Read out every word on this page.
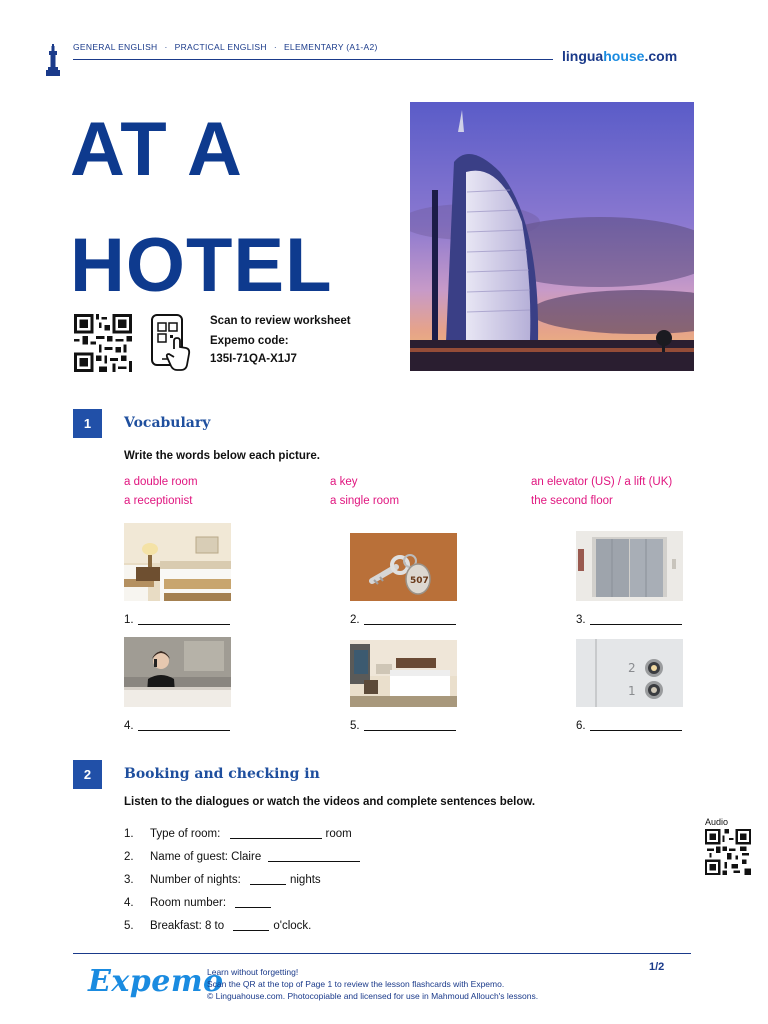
GENERAL ENGLISH · PRACTICAL ENGLISH · ELEMENTARY (A1-A2)
linguahouse.com
AT A
HOTEL
Scan to review worksheet
Expemo code:
135I-71QA-X1J7
1	Vocabulary
Write the words below each picture.
a double room	a key	an elevator (US) / a lift (UK)
a receptionist	a single room	the second floor
507
1.	2.	3.
2
1
4.	5.	6.
2	Booking and checking in
Listen to the dialogues or watch the videos and complete sentences below.
1. Type of room:	room
2. Name of guest: Claire
3. Number of nights:	nights
4. Room number:
5. Breakfast: 8 to	o'clock.
Audio
Expemo
Learn without forgetting!
Scan the QR at the top of Page 1 to review the lesson flashcards with Expemo.
© Linguahouse.com. Photocopiable and licensed for use in Mahmoud Allouch's lessons.
1/2
